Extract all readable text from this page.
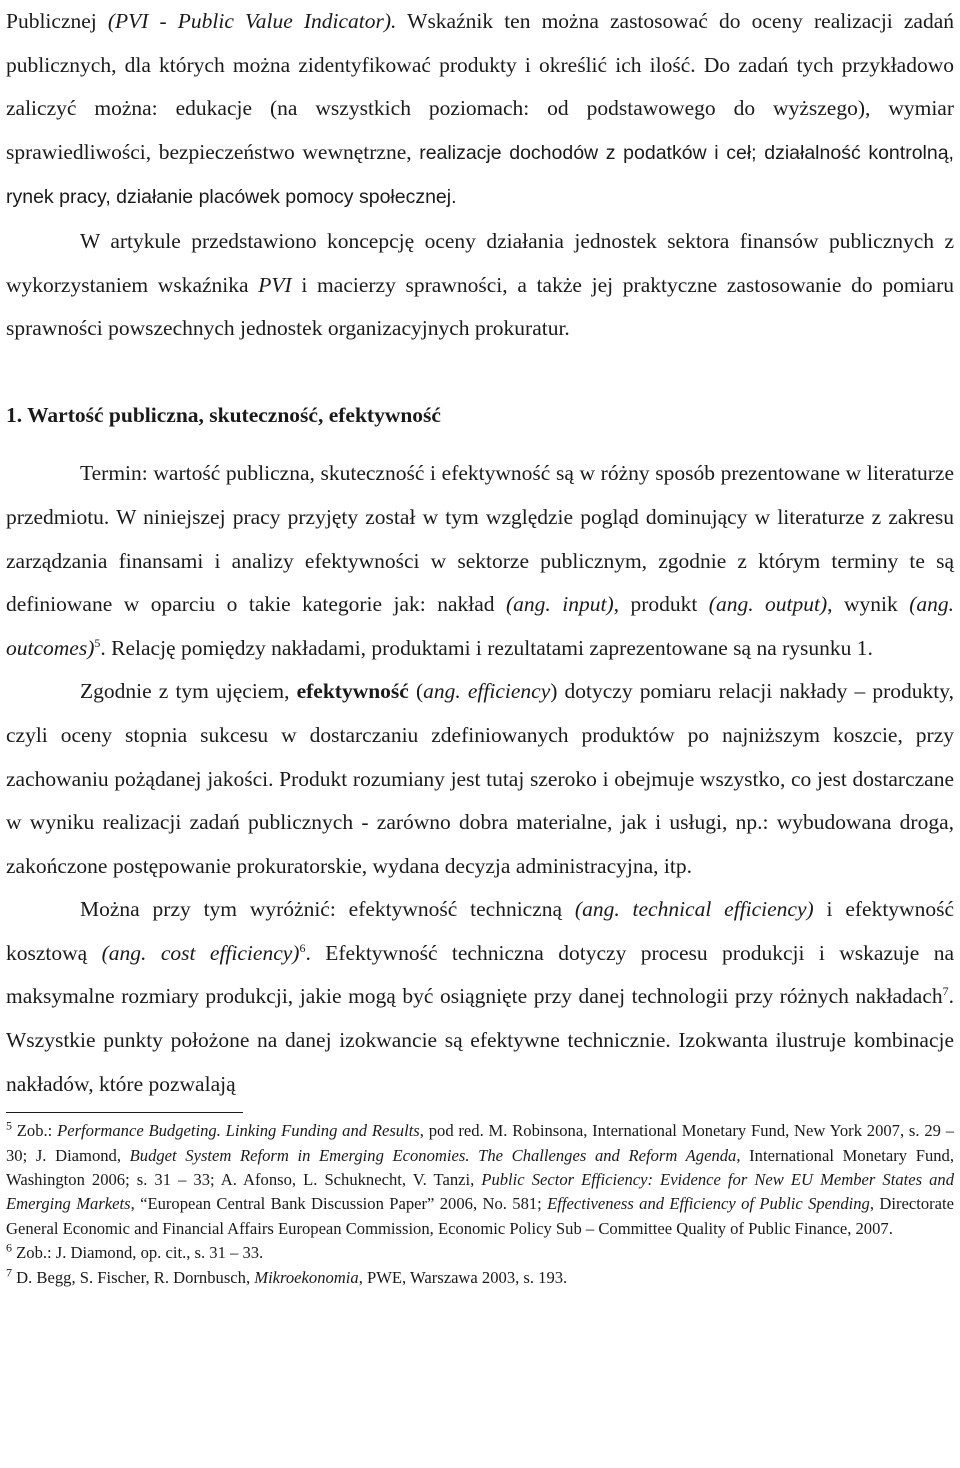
Publicznej (PVI - Public Value Indicator). Wskaźnik ten można zastosować do oceny realizacji zadań publicznych, dla których można zidentyfikować produkty i określić ich ilość. Do zadań tych przykładowo zaliczyć można: edukacje (na wszystkich poziomach: od podstawowego do wyższego), wymiar sprawiedliwości, bezpieczeństwo wewnętrzne, realizacje dochodów z podatków i ceł; działalność kontrolną, rynek pracy, działanie placówek pomocy społecznej.

W artykule przedstawiono koncepcję oceny działania jednostek sektora finansów publicznych z wykorzystaniem wskaźnika PVI i macierzy sprawności, a także jej praktyczne zastosowanie do pomiaru sprawności powszechnych jednostek organizacyjnych prokuratur.

1. Wartość publiczna, skuteczność, efektywność

Termin: wartość publiczna, skuteczność i efektywność są w różny sposób prezentowane w literaturze przedmiotu. W niniejszej pracy przyjęty został w tym względzie pogląd dominujący w literaturze z zakresu zarządzania finansami i analizy efektywności w sektorze publicznym, zgodnie z którym terminy te są definiowane w oparciu o takie kategorie jak: nakład (ang. input), produkt (ang. output), wynik (ang. outcomes)$^5$. Relację pomiędzy nakładami, produktami i rezultatami zaprezentowane są na rysunku 1.

Zgodnie z tym ujęciem, efektywność (ang. efficiency) dotyczy pomiaru relacji nakłady – produkty, czyli oceny stopnia sukcesu w dostarczaniu zdefiniowanych produktów po najniższym koszcie, przy zachowaniu pożądanej jakości. Produkt rozumiany jest tutaj szeroko i obejmuje wszystko, co jest dostarczane w wyniku realizacji zadań publicznych - zarówno dobra materialne, jak i usługi, np.: wybudowana droga, zakończone postępowanie prokuratorskie, wydana decyzja administracyjna, itp.

Można przy tym wyróżnić: efektywność techniczną (ang. technical efficiency) i efektywność kosztową (ang. cost efficiency)$^6$. Efektywność techniczna dotyczy procesu produkcji i wskazuje na maksymalne rozmiary produkcji, jakie mogą być osiągnięte przy danej technologii przy różnych nakładach$^7$. Wszystkie punkty położone na danej izokwancie są efektywne technicznie. Izokwanta ilustruje kombinacje nakładów, które pozwalają

$^5$ Zob.: Performance Budgeting. Linking Funding and Results, pod red. M. Robinsona, International Monetary Fund, New York 2007, s. 29 – 30; J. Diamond, Budget System Reform in Emerging Economies. The Challenges and Reform Agenda, International Monetary Fund, Washington 2006; s. 31 – 33; A. Afonso, L. Schuknecht, V. Tanzi, Public Sector Efficiency: Evidence for New EU Member States and Emerging Markets, “European Central Bank Discussion Paper” 2006, No. 581; Effectiveness and Efficiency of Public Spending, Directorate General Economic and Financial Affairs European Commission, Economic Policy Sub – Committee Quality of Public Finance, 2007.

$^6$ Zob.: J. Diamond, op. cit., s. 31 – 33.

$^7$ D. Begg, S. Fischer, R. Dornbusch, Mikroekonomia, PWE, Warszawa 2003, s. 193.
